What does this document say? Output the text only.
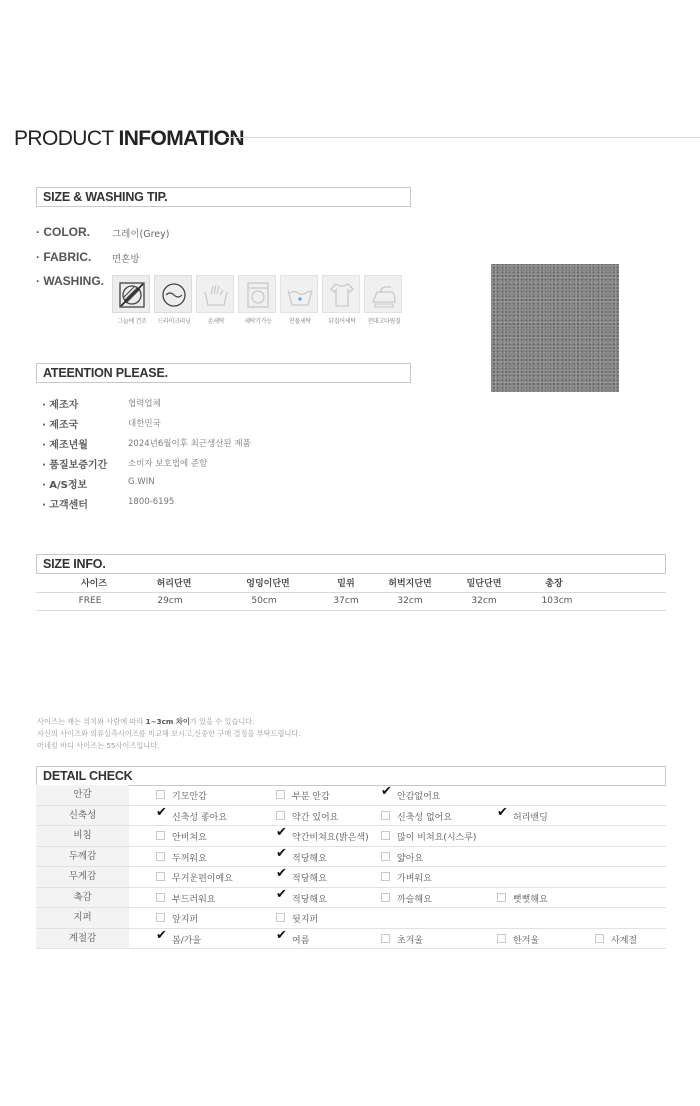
PRODUCT INFOMATION
SIZE & WASHING TIP.
· COLOR. 그레이(Grey)
· FABRIC. 면혼방
· WASHING.
그늘에 건조	드라이크리닝	손세탁	세탁기가능	찬물세탁	뒤집어세탁	천대고다림질
ATEENTION PLEASE.
· 제조자	협력업체
· 제조국	대한민국
· 제조년월	2024년6월이후 최근생산된 제품
· 품질보증기간 소비자 보호법에 준함
· A/S정보	G.WIN
· 고객센터	1800-6195
SIZE INFO.
사이즈	허리단면	엉덩이단면	밑위	허벅지단면	밑단단면	총장
FREE	29cm	50cm	37cm	32cm	32cm	103cm
사이즈는 재는 위치와 사람에 따라 1~3cm 차이가 있을 수 있습니다.
자신의 사이즈와 의류실측사이즈를 비교해 보시고,신중한 구매 결정을 부탁드립니다.
마네킹 바디 사이즈는 55사이즈입니다.
DETAIL CHECK
안감	기모안감	부분 안감	✔ 안감없어요
신축성	✔ 신축성 좋아요	약간 있어요	신축성 없어요	✔ 허리밴딩
비침	안비쳐요	✔ 약간비쳐요(밝은색)	많이 비쳐요(시스루)
두께감	두꺼워요	✔ 적당해요	얇아요
무게감	무거운편이예요	✔ 적당해요	가벼워요
촉감	부드러워요	✔ 적당해요	까슬해요	뻣뻣해요
지퍼	앞지퍼	뒷지퍼
계절감	✔ 봄/가을	✔ 여름	초겨울	한겨울	사계절
